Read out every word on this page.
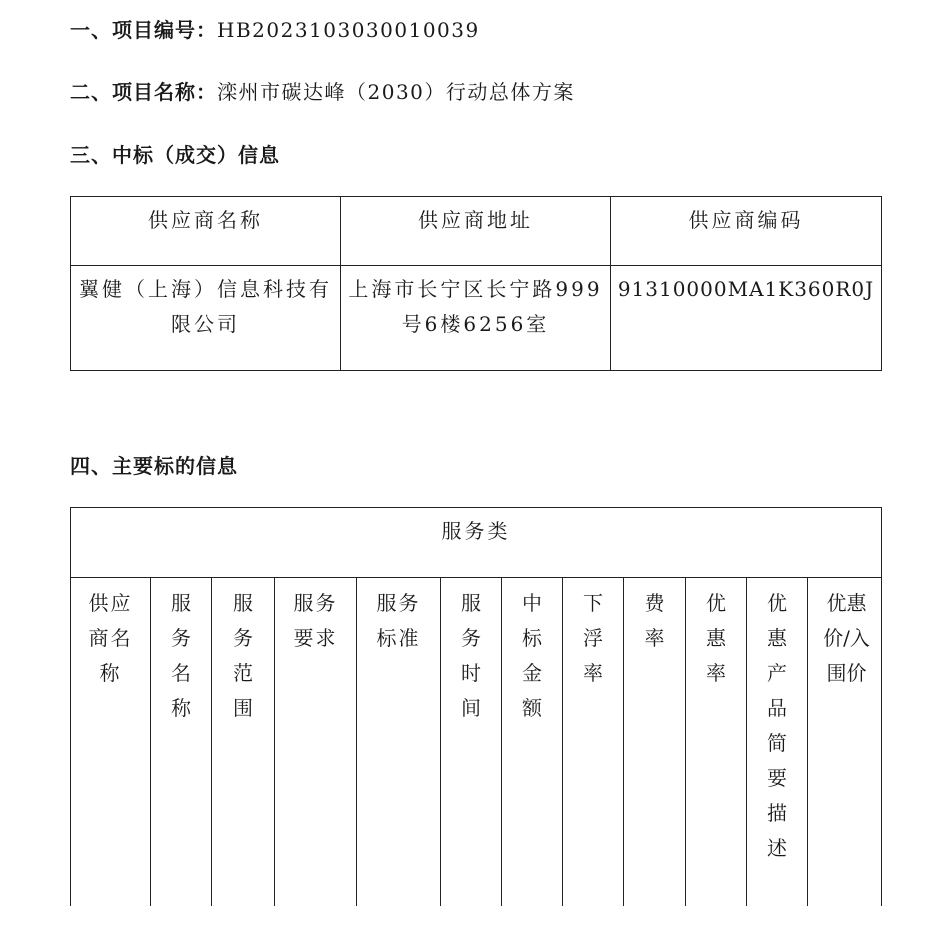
一、项目编号：HB2023103030010039
二、项目名称：滦州市碳达峰（2030）行动总体方案
三、中标（成交）信息
供应商名称	供应商地址	供应商编码
翼健（上海）信息科技有限公司	上海市长宁区长宁路999号6楼6256室	91310000MA1K360R0J
四、主要标的信息
服务类
供应商名称	服务名称	服务范围	服务要求	服务标准	服务时间	中标金额	下浮率	费率	优惠率	优惠产品简要描述	优惠价/入围价
